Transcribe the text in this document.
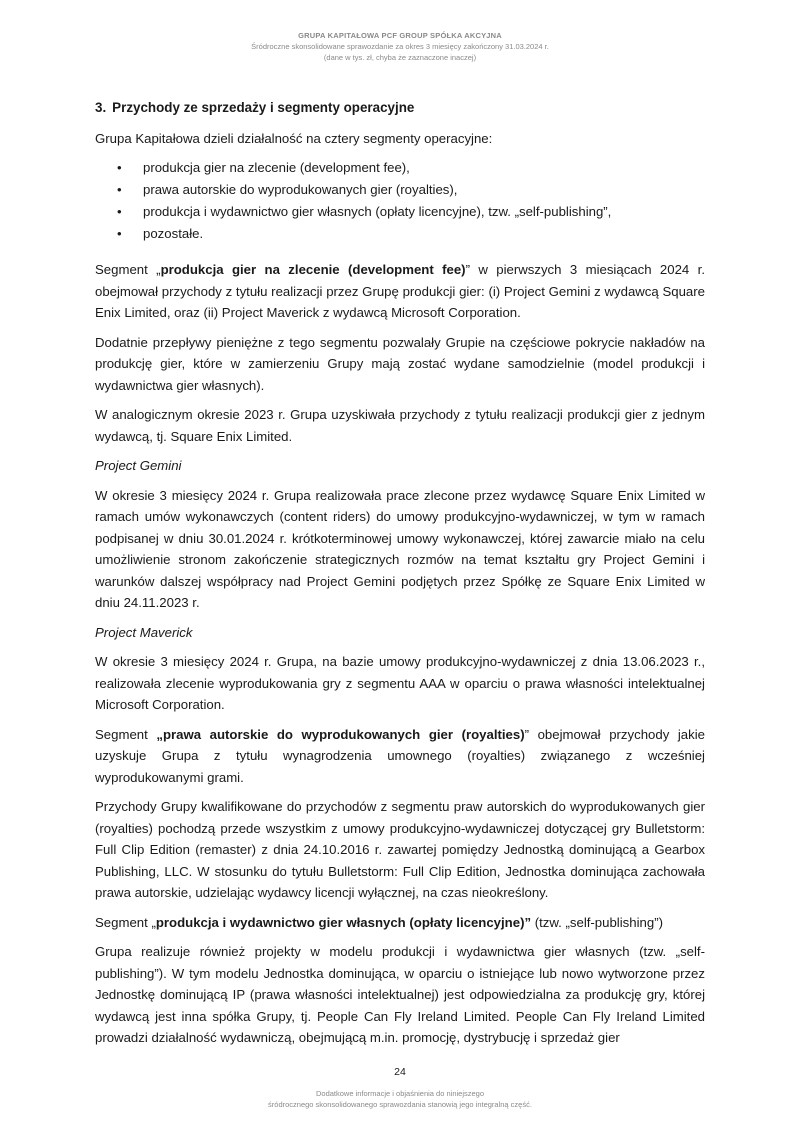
GRUPA KAPITAŁOWA PCF GROUP SPÓŁKA AKCYJNA
Śródroczne skonsolidowane sprawozdanie za okres 3 miesięcy zakończony 31.03.2024 r.
(dane w tys. zł, chyba że zaznaczone inaczej)
3. Przychody ze sprzedaży i segmenty operacyjne

Grupa Kapitałowa dzieli działalność na cztery segmenty operacyjne:

• produkcja gier na zlecenie (development fee),
• prawa autorskie do wyprodukowanych gier (royalties),
• produkcja i wydawnictwo gier własnych (opłaty licencyjne), tzw. „self-publishing”,
• pozostałe.

Segment „produkcja gier na zlecenie (development fee)” w pierwszych 3 miesiącach 2024 r. obejmował przychody z tytułu realizacji przez Grupę produkcji gier: (i) Project Gemini z wydawcą Square Enix Limited, oraz (ii) Project Maverick z wydawcą Microsoft Corporation.

Dodatnie przepływy pieniężne z tego segmentu pozwalały Grupie na częściowe pokrycie nakładów na produkcję gier, które w zamierzeniu Grupy mają zostać wydane samodzielnie (model produkcji i wydawnictwa gier własnych).

W analogicznym okresie 2023 r. Grupa uzyskiwała przychody z tytułu realizacji produkcji gier z jednym wydawcą, tj. Square Enix Limited.

Project Gemini

W okresie 3 miesięcy 2024 r. Grupa realizowała prace zlecone przez wydawcę Square Enix Limited w ramach umów wykonawczych (content riders) do umowy produkcyjno-wydawniczej, w tym w ramach podpisanej w dniu 30.01.2024 r. krótkoterminowej umowy wykonawczej, której zawarcie miało na celu umożliwienie stronom zakończenie strategicznych rozmów na temat kształtu gry Project Gemini i warunków dalszej współpracy nad Project Gemini podjętych przez Spółkę ze Square Enix Limited w dniu 24.11.2023 r.

Project Maverick

W okresie 3 miesięcy 2024 r. Grupa, na bazie umowy produkcyjno-wydawniczej z dnia 13.06.2023 r., realizowała zlecenie wyprodukowania gry z segmentu AAA w oparciu o prawa własności intelektualnej Microsoft Corporation.

Segment „prawa autorskie do wyprodukowanych gier (royalties)” obejmował przychody jakie uzyskuje Grupa z tytułu wynagrodzenia umownego (royalties) związanego z wcześniej wyprodukowanymi grami.

Przychody Grupy kwalifikowane do przychodów z segmentu praw autorskich do wyprodukowanych gier (royalties) pochodzą przede wszystkim z umowy produkcyjno-wydawniczej dotyczącej gry Bulletstorm: Full Clip Edition (remaster) z dnia 24.10.2016 r. zawartej pomiędzy Jednostką dominującą a Gearbox Publishing, LLC. W stosunku do tytułu Bulletstorm: Full Clip Edition, Jednostka dominująca zachowała prawa autorskie, udzielając wydawcy licencji wyłącznej, na czas nieokreślony.

Segment „produkcja i wydawnictwo gier własnych (opłaty licencyjne)” (tzw. „self-publishing”)

Grupa realizuje również projekty w modelu produkcji i wydawnictwa gier własnych (tzw. „self-publishing”). W tym modelu Jednostka dominująca, w oparciu o istniejące lub nowo wytworzone przez Jednostkę dominującą IP (prawa własności intelektualnej) jest odpowiedzialna za produkcję gry, której wydawcą jest inna spółka Grupy, tj. People Can Fly Ireland Limited. People Can Fly Ireland Limited prowadzi działalność wydawniczą, obejmującą m.in. promocję, dystrybucję i sprzedaż gier

24
Dodatkowe informacje i objaśnienia do niniejszego
śródrocznego skonsolidowanego sprawozdania stanowią jego integralną część.
